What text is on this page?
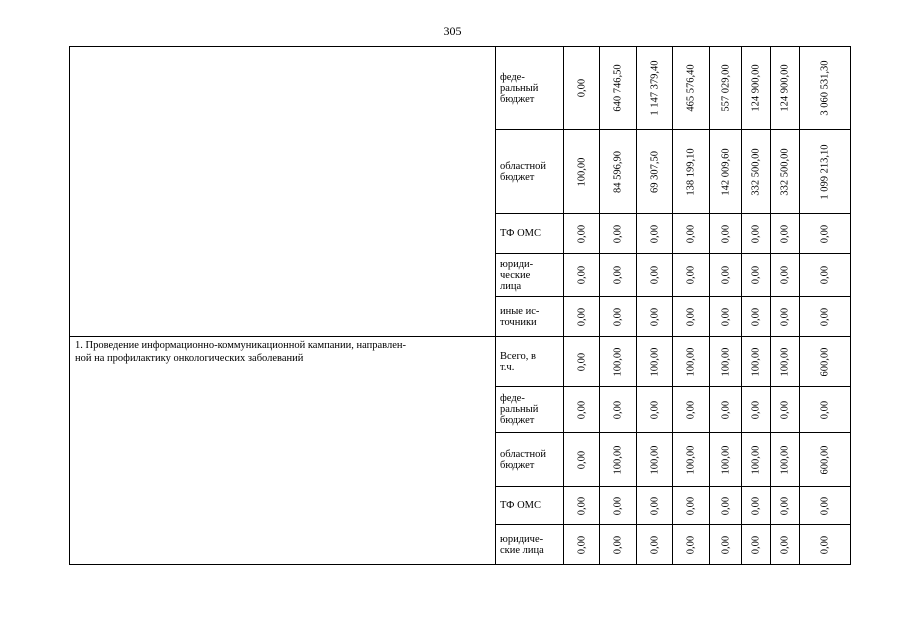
305
	феде-
ральный
бюджет	0,00	640 746,50	1 147 379,40	465 576,40	557 029,00	124 900,00	124 900,00	3 060 531,30

	областной
бюджет	100,00	84 596,90	69 307,50	138 199,10	142 009,60	332 500,00	332 500,00	1 099 213,10

	ТФ ОМС	0,00	0,00	0,00	0,00	0,00	0,00	0,00	0,00

	юриди-
ческие
лица	0,00	0,00	0,00	0,00	0,00	0,00	0,00	0,00

	иные ис-
точники	0,00	0,00	0,00	0,00	0,00	0,00	0,00	0,00

1. Проведение информационно-коммуникационной кампании, направлен-
ной на профилактику онкологических заболеваний	Всего, в
т.ч.	0,00	100,00	100,00	100,00	100,00	100,00	100,00	600,00

	феде-
ральный
бюджет	0,00	0,00	0,00	0,00	0,00	0,00	0,00	0,00

	областной
бюджет	0,00	100,00	100,00	100,00	100,00	100,00	100,00	600,00

	ТФ ОМС	0,00	0,00	0,00	0,00	0,00	0,00	0,00	0,00

	юридиче-
ские лица	0,00	0,00	0,00	0,00	0,00	0,00	0,00	0,00
